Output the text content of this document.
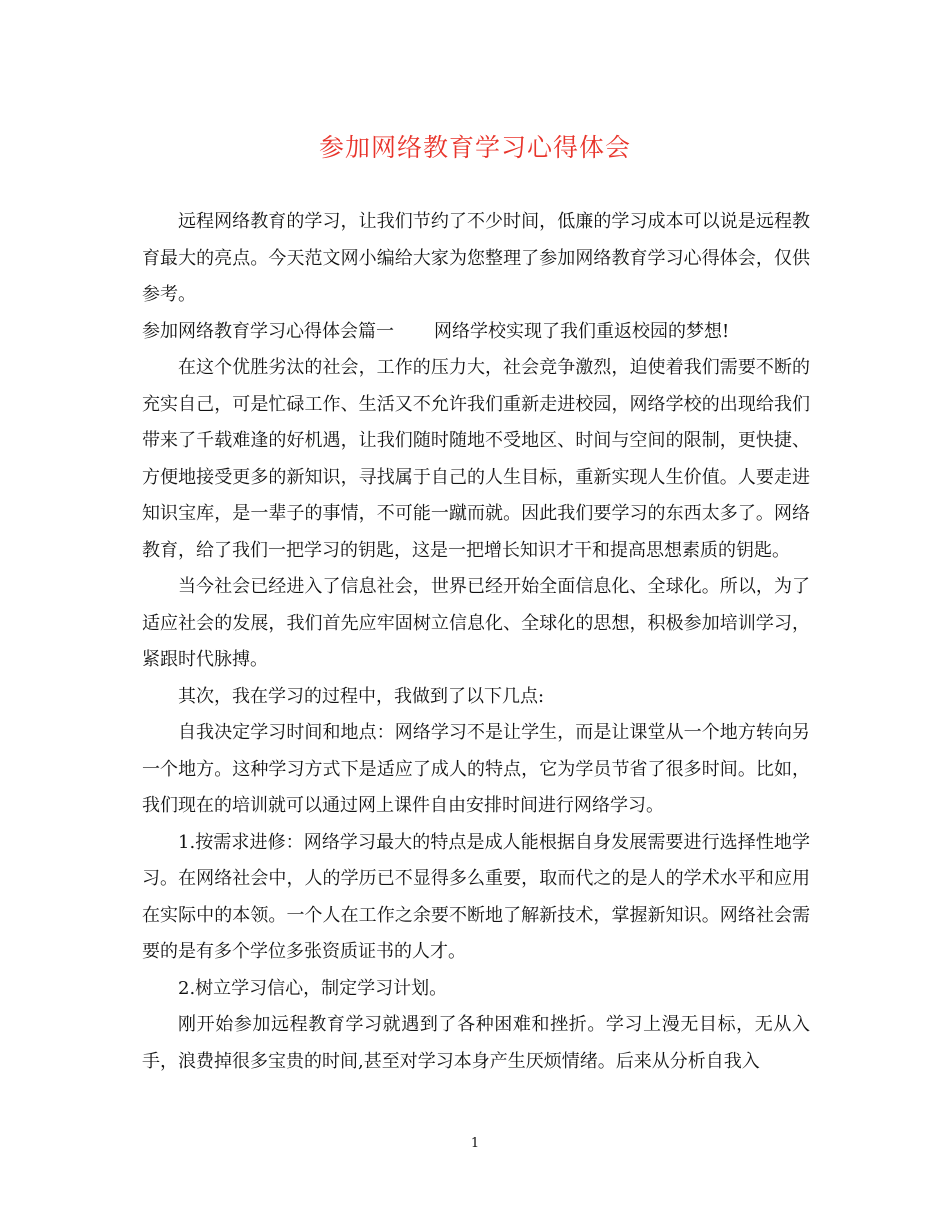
参加网络教育学习心得体会

远程网络教育的学习，让我们节约了不少时间，低廉的学习成本可以说是远程教育最大的亮点。今天范文网小编给大家为您整理了参加网络教育学习心得体会，仅供参考。

参加网络教育学习心得体会篇一 网络学校实现了我们重返校园的梦想!

在这个优胜劣汰的社会，工作的压力大，社会竞争激烈，迫使着我们需要不断的充实自己，可是忙碌工作、生活又不允许我们重新走进校园，网络学校的出现给我们带来了千载难逢的好机遇，让我们随时随地不受地区、时间与空间的限制，更快捷、方便地接受更多的新知识，寻找属于自己的人生目标，重新实现人生价值。人要走进知识宝库，是一辈子的事情，不可能一蹴而就。因此我们要学习的东西太多了。网络教育，给了我们一把学习的钥匙，这是一把增长知识才干和提高思想素质的钥匙。

当今社会已经进入了信息社会，世界已经开始全面信息化、全球化。所以，为了适应社会的发展，我们首先应牢固树立信息化、全球化的思想，积极参加培训学习，紧跟时代脉搏。

其次，我在学习的过程中，我做到了以下几点:

自我决定学习时间和地点：网络学习不是让学生，而是让课堂从一个地方转向另一个地方。这种学习方式下是适应了成人的特点，它为学员节省了很多时间。比如，我们现在的培训就可以通过网上课件自由安排时间进行网络学习。

1.按需求进修：网络学习最大的特点是成人能根据自身发展需要进行选择性地学习。在网络社会中，人的学历已不显得多么重要，取而代之的是人的学术水平和应用在实际中的本领。一个人在工作之余要不断地了解新技术，掌握新知识。网络社会需要的是有多个学位多张资质证书的人才。

2.树立学习信心，制定学习计划。

刚开始参加远程教育学习就遇到了各种困难和挫折。学习上漫无目标，无从入手，浪费掉很多宝贵的时间,甚至对学习本身产生厌烦情绪。后来从分析自我入

1
